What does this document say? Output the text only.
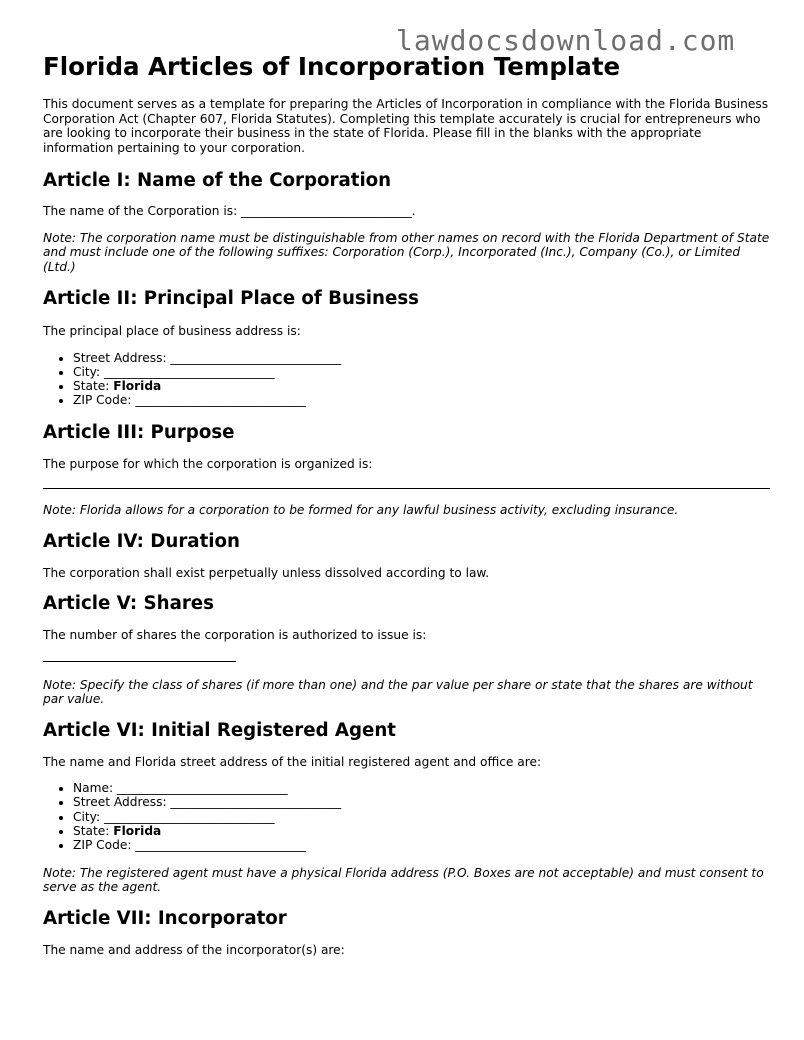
lawdocsdownload.com
Florida Articles of Incorporation Template

This document serves as a template for preparing the Articles of Incorporation in compliance with the Florida Business Corporation Act (Chapter 607, Florida Statutes). Completing this template accurately is crucial for entrepreneurs who are looking to incorporate their business in the state of Florida. Please fill in the blanks with the appropriate information pertaining to your corporation.

Article I: Name of the Corporation

The name of the Corporation is: ____________________________.

Note: The corporation name must be distinguishable from other names on record with the Florida Department of State and must include one of the following suffixes: Corporation (Corp.), Incorporated (Inc.), Company (Co.), or Limited (Ltd.)

Article II: Principal Place of Business

The principal place of business address is:

• Street Address: ____________________________
• City: ____________________________
• State: Florida
• ZIP Code: ____________________________
Article III: Purpose

The purpose for which the corporation is organized is:

Note: Florida allows for a corporation to be formed for any lawful business activity, excluding insurance.

Article IV: Duration

The corporation shall exist perpetually unless dissolved according to law.

Article V: Shares

The number of shares the corporation is authorized to issue is:

Note: Specify the class of shares (if more than one) and the par value per share or state that the shares are without par value.

Article VI: Initial Registered Agent

The name and Florida street address of the initial registered agent and office are:

• Name: ____________________________
• Street Address: ____________________________
• City: ____________________________
• State: Florida
• ZIP Code: ____________________________

Note: The registered agent must have a physical Florida address (P.O. Boxes are not acceptable) and must consent to serve as the agent.

Article VII: Incorporator

The name and address of the incorporator(s) are:
